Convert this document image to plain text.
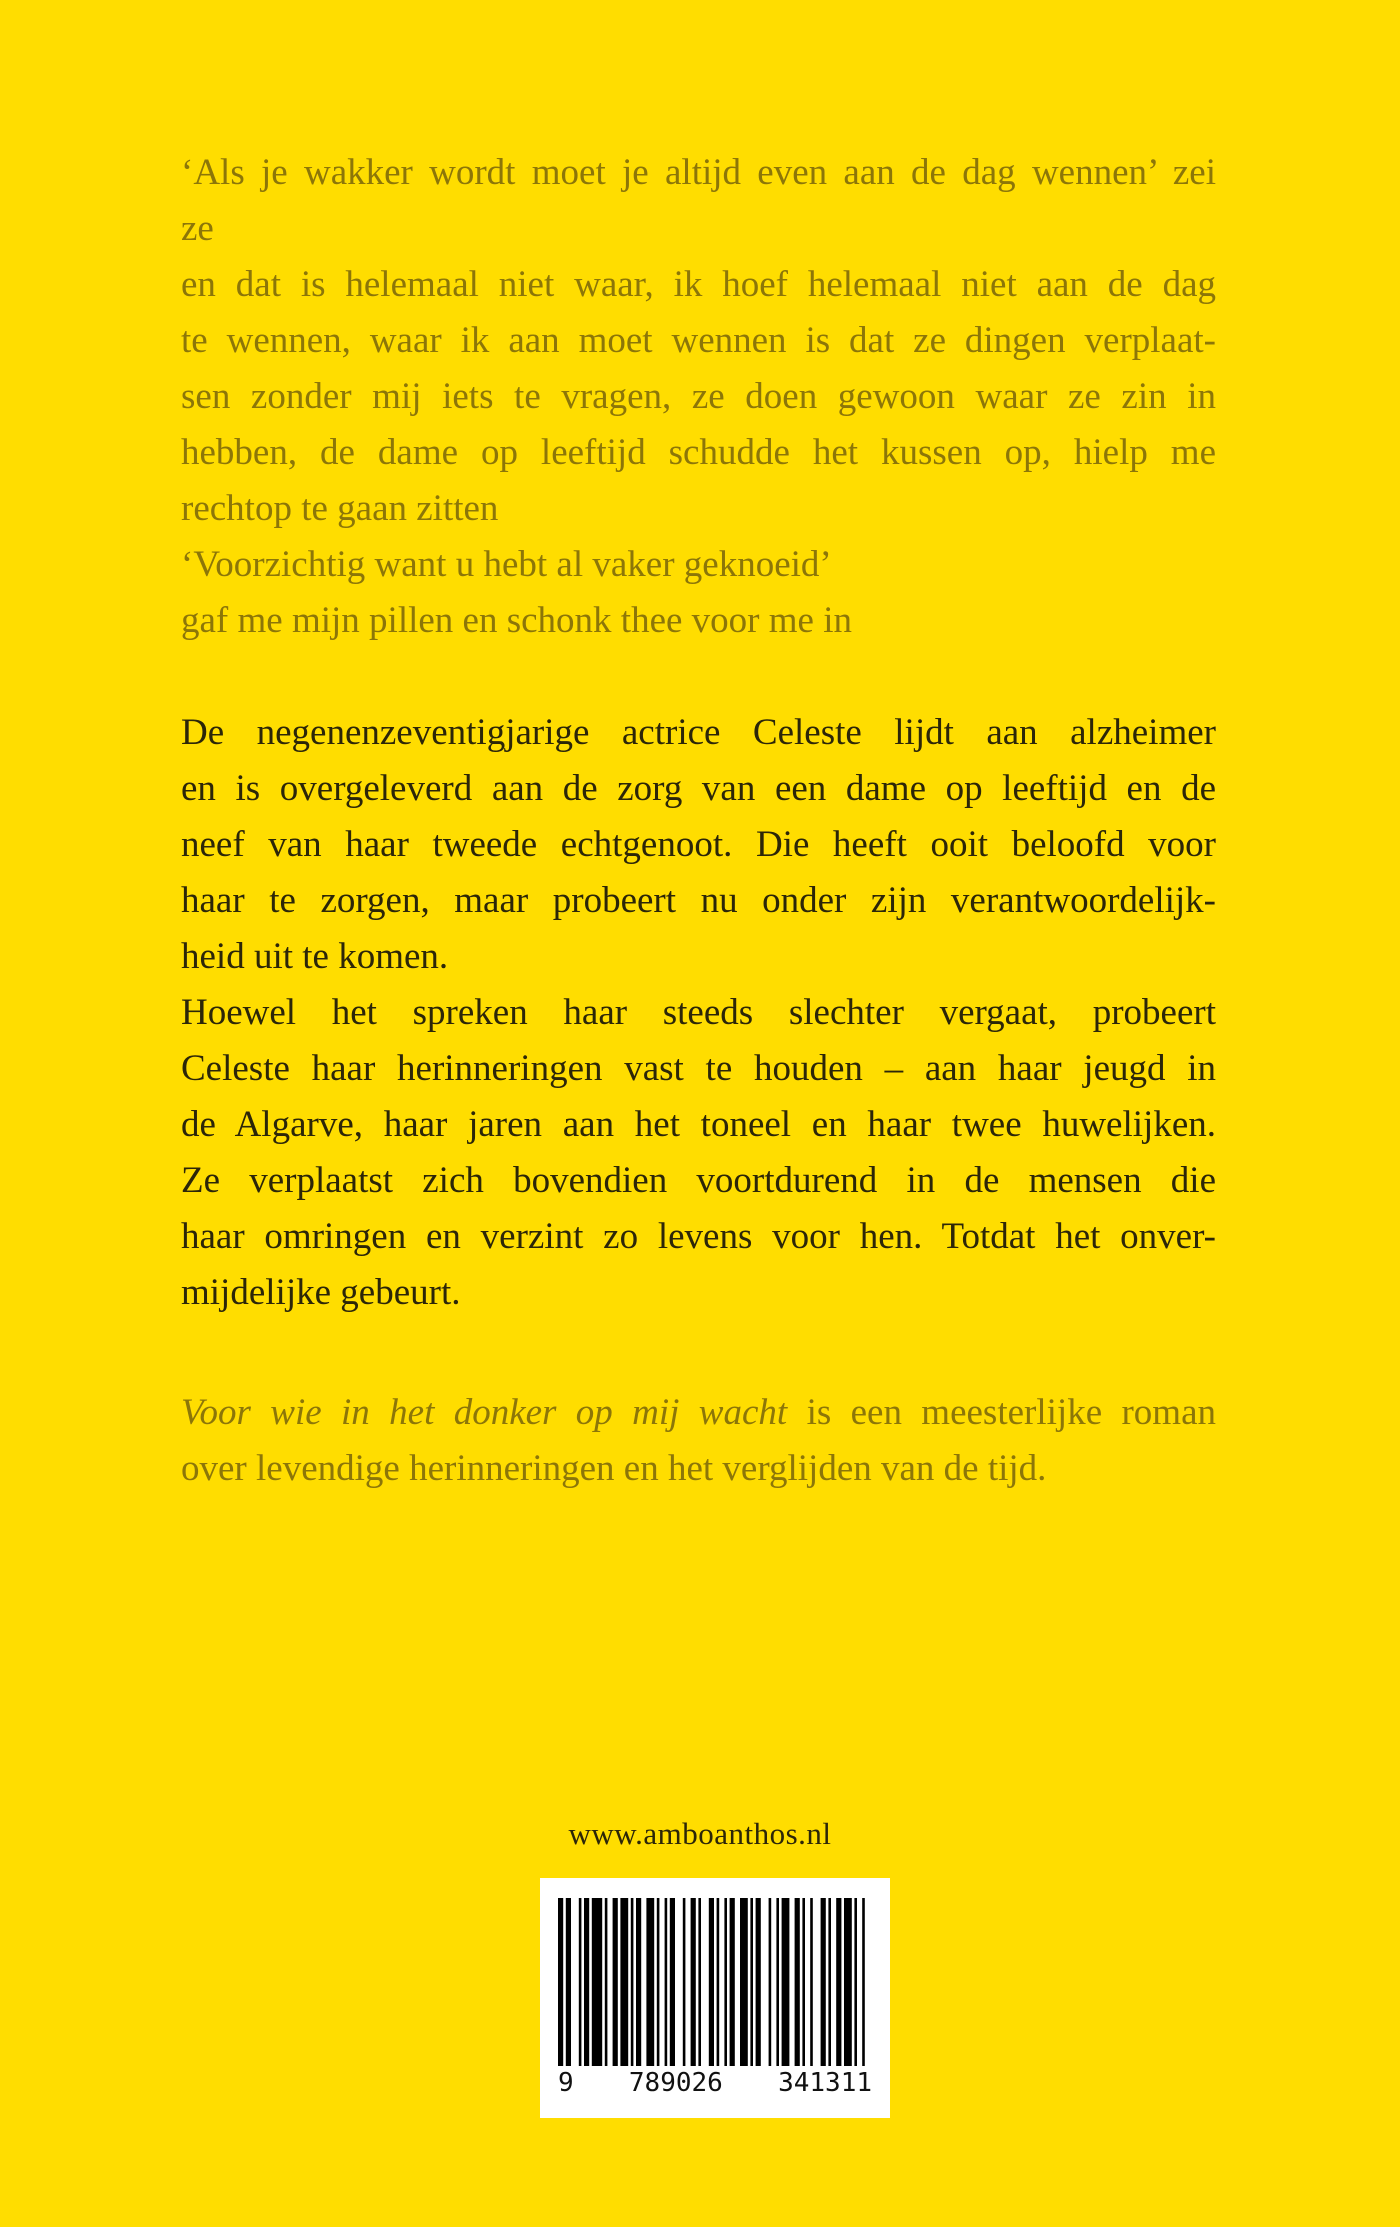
‘Als je wakker wordt moet je altijd even aan de dag wennen’ zei
ze
en dat is helemaal niet waar, ik hoef helemaal niet aan de dag
te wennen, waar ik aan moet wennen is dat ze dingen verplaat-
sen zonder mij iets te vragen, ze doen gewoon waar ze zin in
hebben, de dame op leeftijd schudde het kussen op, hielp me
rechtop te gaan zitten
‘Voorzichtig want u hebt al vaker geknoeid’
gaf me mijn pillen en schonk thee voor me in
De negenenzeventigjarige actrice Celeste lijdt aan alzheimer
en is overgeleverd aan de zorg van een dame op leeftijd en de
neef van haar tweede echtgenoot. Die heeft ooit beloofd voor
haar te zorgen, maar probeert nu onder zijn verantwoordelijk-
heid uit te komen.
Hoewel het spreken haar steeds slechter vergaat, probeert
Celeste haar herinneringen vast te houden – aan haar jeugd in
de Algarve, haar jaren aan het toneel en haar twee huwelijken.
Ze verplaatst zich bovendien voortdurend in de mensen die
haar omringen en verzint zo levens voor hen. Totdat het onver-
mijdelijke gebeurt.
Voor wie in het donker op mij wacht is een meesterlijke roman
over levendige herinneringen en het verglijden van de tijd.
www.amboanthos.nl
9 789026 341311
